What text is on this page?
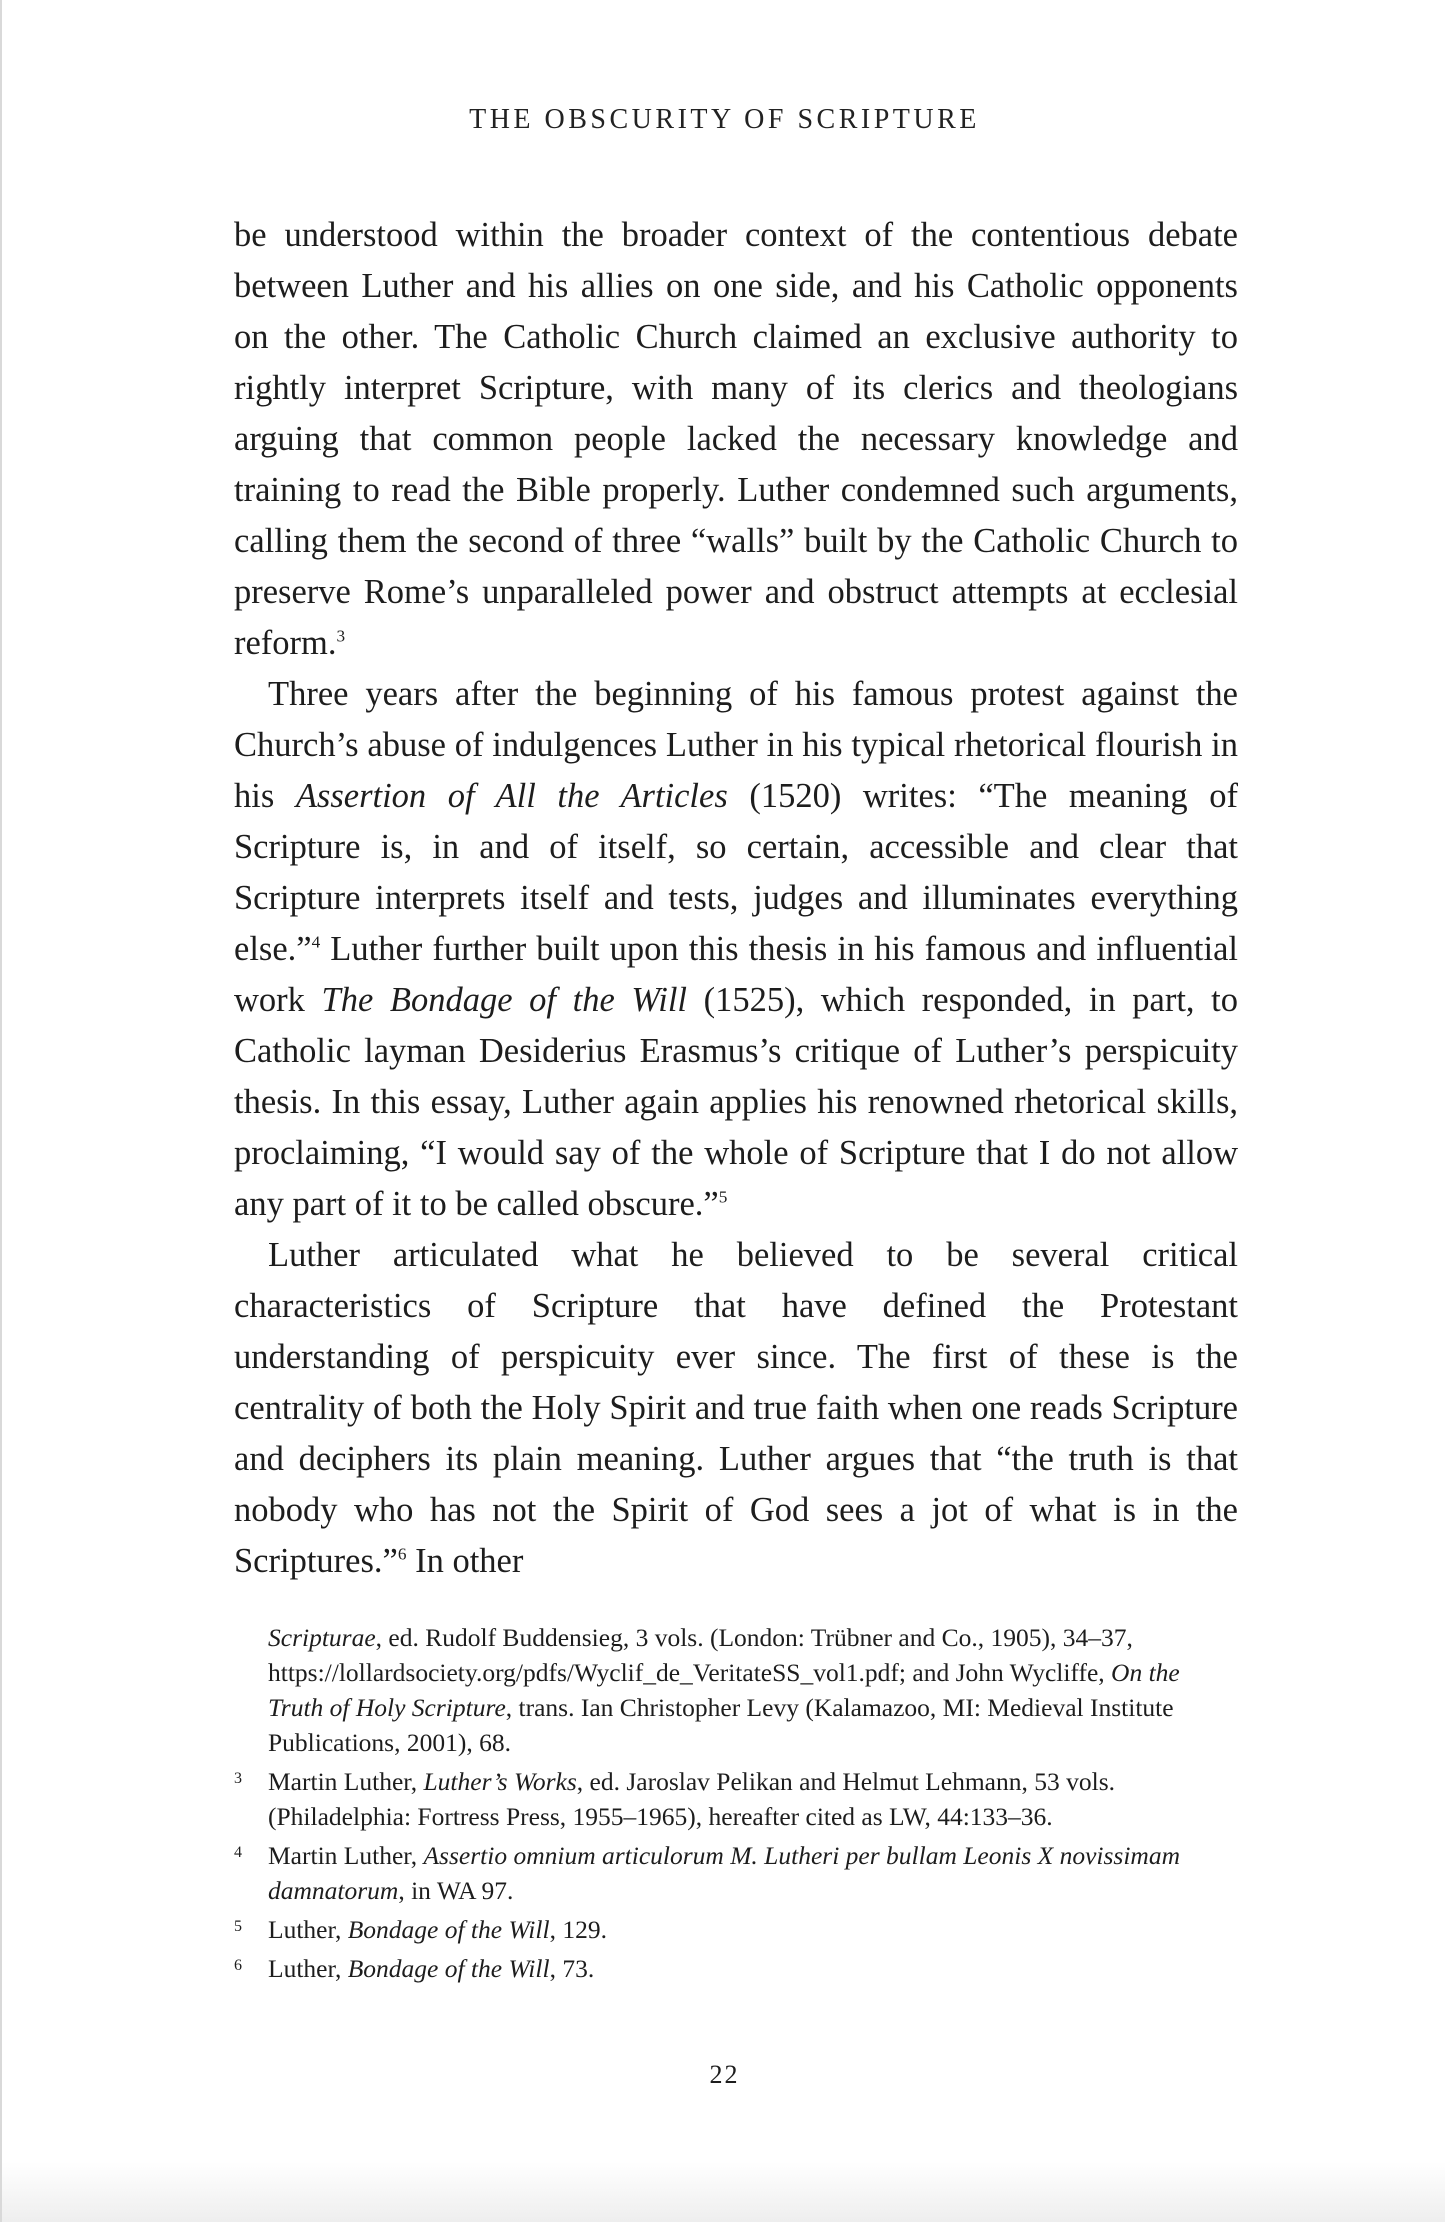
THE OBSCURITY OF SCRIPTURE

be understood within the broader context of the contentious debate between Luther and his allies on one side, and his Catholic opponents on the other. The Catholic Church claimed an exclusive authority to rightly interpret Scripture, with many of its clerics and theologians arguing that common people lacked the necessary knowledge and training to read the Bible properly. Luther condemned such arguments, calling them the second of three “walls” built by the Catholic Church to preserve Rome’s unparalleled power and obstruct attempts at ecclesial reform.$^3$

Three years after the beginning of his famous protest against the Church’s abuse of indulgences Luther in his typical rhetorical flourish in his Assertion of All the Articles (1520) writes: “The meaning of Scripture is, in and of itself, so certain, accessible and clear that Scripture interprets itself and tests, judges and illuminates everything else.”$^4$ Luther further built upon this thesis in his famous and influential work The Bondage of the Will (1525), which responded, in part, to Catholic layman Desiderius Erasmus’s critique of Luther’s perspicuity thesis. In this essay, Luther again applies his renowned rhetorical skills, proclaiming, “I would say of the whole of Scripture that I do not allow any part of it to be called obscure.”$^5$

Luther articulated what he believed to be several critical characteristics of Scripture that have defined the Protestant understanding of perspicuity ever since. The first of these is the centrality of both the Holy Spirit and true faith when one reads Scripture and deciphers its plain meaning. Luther argues that “the truth is that nobody who has not the Spirit of God sees a jot of what is in the Scriptures.”$^6$ In other

Scripturae, ed. Rudolf Buddensieg, 3 vols. (London: Trübner and Co., 1905), 34–37, https://lollardsociety.org/pdfs/Wyclif_de_VeritateSS_vol1.pdf; and John Wycliffe, On the Truth of Holy Scripture, trans. Ian Christopher Levy (Kalamazoo, MI: Medieval Institute Publications, 2001), 68.
3	Martin Luther, Luther’s Works, ed. Jaroslav Pelikan and Helmut Lehmann, 53 vols. (Philadelphia: Fortress Press, 1955–1965), hereafter cited as LW, 44:133–36.
4	Martin Luther, Assertio omnium articulorum M. Lutheri per bullam Leonis X novissimam damnatorum, in WA 97.
5	Luther, Bondage of the Will, 129.
6	Luther, Bondage of the Will, 73.
22
